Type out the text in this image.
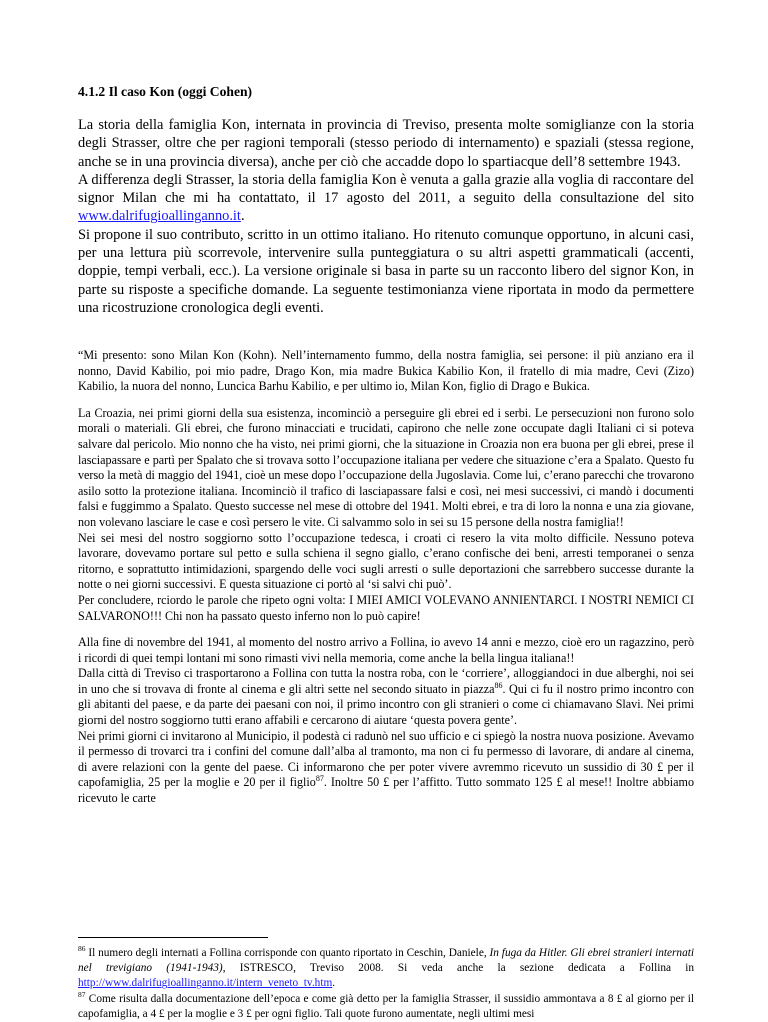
4.1.2 Il caso Kon (oggi Cohen)

La storia della famiglia Kon, internata in provincia di Treviso, presenta molte somiglianze con la storia degli Strasser, oltre che per ragioni temporali (stesso periodo di internamento) e spaziali (stessa regione, anche se in una provincia diversa), anche per ciò che accadde dopo lo spartiacque dell’8 settembre 1943.

A differenza degli Strasser, la storia della famiglia Kon è venuta a galla grazie alla voglia di raccontare del signor Milan che mi ha contattato, il 17 agosto del 2011, a seguito della consultazione del sito www.dalrifugioallinganno.it.

Si propone il suo contributo, scritto in un ottimo italiano. Ho ritenuto comunque opportuno, in alcuni casi, per una lettura più scorrevole, intervenire sulla punteggiatura o su altri aspetti grammaticali (accenti, doppie, tempi verbali, ecc.). La versione originale si basa in parte su un racconto libero del signor Kon, in parte su risposte a specifiche domande. La seguente testimonianza viene riportata in modo da permettere una ricostruzione cronologica degli eventi.

“Mi presento: sono Milan Kon (Kohn). Nell’internamento fummo, della nostra famiglia, sei persone: il più anziano era il nonno, David Kabilio, poi mio padre, Drago Kon, mia madre Bukica Kabilio Kon, il fratello di mia madre, Cevi (Zizo) Kabilio, la nuora del nonno, Luncica Barhu Kabilio, e per ultimo io, Milan Kon, figlio di Drago e Bukica.

La Croazia, nei primi giorni della sua esistenza, incominciò a perseguire gli ebrei ed i serbi. Le persecuzioni non furono solo morali o materiali. Gli ebrei, che furono minacciati e trucidati, capirono che nelle zone occupate dagli Italiani ci si poteva salvare dal pericolo. Mio nonno che ha visto, nei primi giorni, che la situazione in Croazia non era buona per gli ebrei, prese il lasciapassare e partì per Spalato che si trovava sotto l’occupazione italiana per vedere che situazione c’era a Spalato. Questo fu verso la metà di maggio del 1941, cioè un mese dopo l’occupazione della Jugoslavia. Come lui, c’erano parecchi che trovarono asilo sotto la protezione italiana. Incominciò il trafico di lasciapassare falsi e così, nei mesi successivi, ci mandò i documenti falsi e fuggimmo a Spalato. Questo successe nel mese di ottobre del 1941. Molti ebrei, e tra di loro la nonna e una zia giovane, non volevano lasciare le case e così persero le vite. Ci salvammo solo in sei su 15 persone della nostra famiglia!!

Nei sei mesi del nostro soggiorno sotto l’occupazione tedesca, i croati ci resero la vita molto difficile. Nessuno poteva lavorare, dovevamo portare sul petto e sulla schiena il segno giallo, c’erano confische dei beni, arresti temporanei o senza ritorno, e soprattutto intimidazioni, spargendo delle voci sugli arresti o sulle deportazioni che sarrebbero successe durante la notte o nei giorni successivi. E questa situazione ci portò al ‘si salvi chi può’.

Per concludere, rciordo le parole che ripeto ogni volta: I MIEI AMICI VOLEVANO ANNIENTARCI. I NOSTRI NEMICI CI SALVARONO!!! Chi non ha passato questo inferno non lo può capire!

Alla fine di novembre del 1941, al momento del nostro arrivo a Follina, io avevo 14 anni e mezzo, cioè ero un ragazzino, però i ricordi di quei tempi lontani mi sono rimasti vivi nella memoria, come anche la bella lingua italiana!!

Dalla città di Treviso ci trasportarono a Follina con tutta la nostra roba, con le ‘corriere’, alloggiandoci in due alberghi, noi sei in uno che si trovava di fronte al cinema e gli altri sette nel secondo situato in piazza$^{86}$. Qui ci fu il nostro primo incontro con gli abitanti del paese, e da parte dei paesani con noi, il primo incontro con gli stranieri o come ci chiamavano Slavi. Nei primi giorni del nostro soggiorno tutti erano affabili e cercarono di aiutare ‘questa povera gente’.

Nei primi giorni ci invitarono al Municipio, il podestà ci radunò nel suo ufficio e ci spiegò la nostra nuova posizione. Avevamo il permesso di trovarci tra i confini del comune dall’alba al tramonto, ma non ci fu permesso di lavorare, di andare al cinema, di avere relazioni con la gente del paese. Ci informarono che per poter vivere avremmo ricevuto un sussidio di 30 £ per il capofamiglia, 25 per la moglie e 20 per il figlio$^{87}$. Inoltre 50 £ per l’affitto. Tutto sommato 125 £ al mese!! Inoltre abbiamo ricevuto le carte

$^{86}$ Il numero degli internati a Follina corrisponde con quanto riportato in Ceschin, Daniele, In fuga da Hitler. Gli ebrei stranieri internati nel trevigiano (1941-1943), ISTRESCO, Treviso 2008. Si veda anche la sezione dedicata a Follina in http://www.dalrifugioallinganno.it/intern_veneto_tv.htm.

$^{87}$ Come risulta dalla documentazione dell’epoca e come già detto per la famiglia Strasser, il sussidio ammontava a 8 £ al giorno per il capofamiglia, a 4 £ per la moglie e 3 £ per ogni figlio. Tali quote furono aumentate, negli ultimi mesi
